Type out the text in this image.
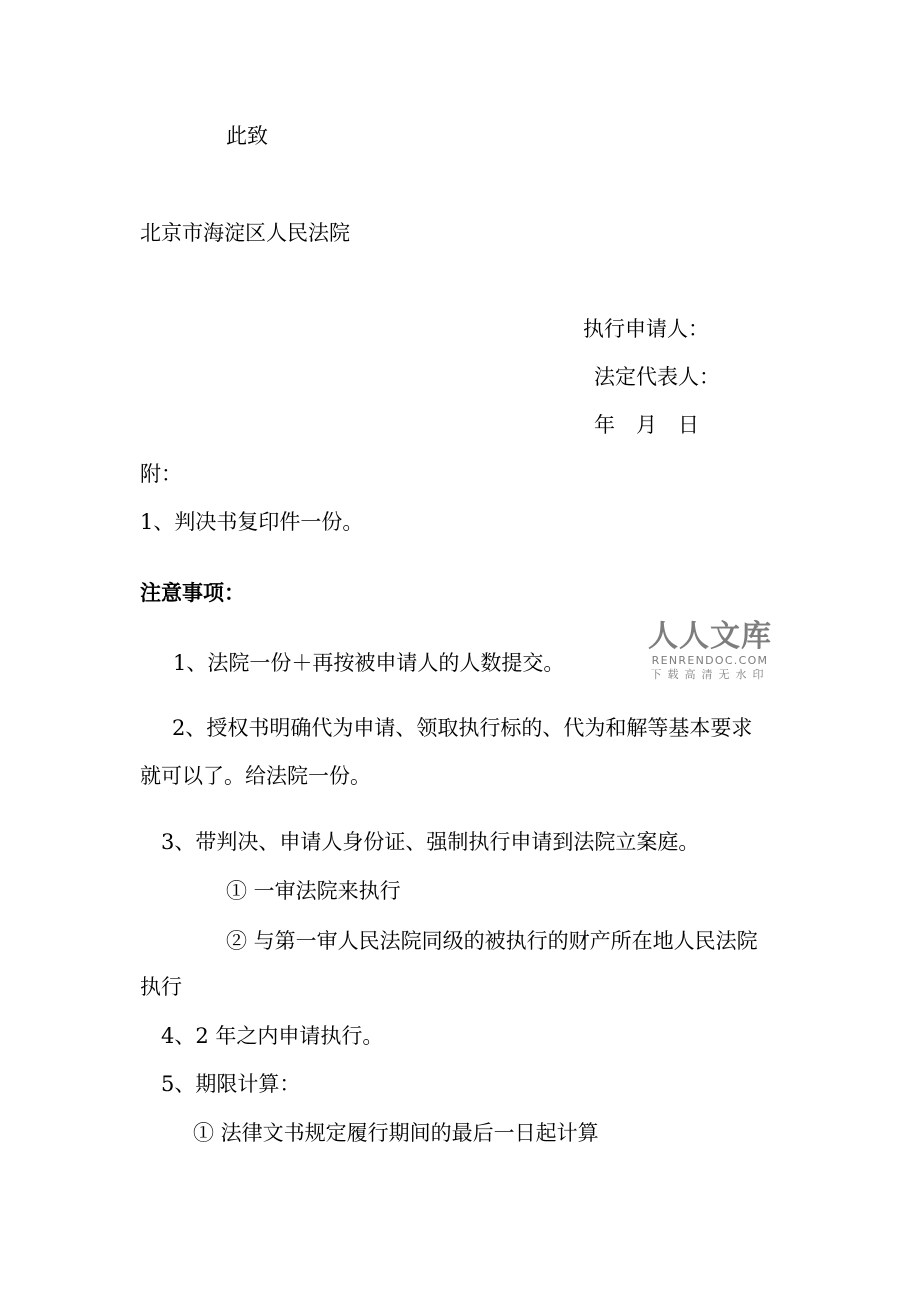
此致
北京市海淀区人民法院
执行申请人：
法定代表人：
年　月　日
附：
1、判决书复印件一份。
注意事项：
1、法院一份＋再按被申请人的人数提交。
2、授权书明确代为申请、领取执行标的、代为和解等基本要求
就可以了。给法院一份。
3、带判决、申请人身份证、强制执行申请到法院立案庭。
① 一审法院来执行
② 与第一审人民法院同级的被执行的财产所在地人民法院
执行
4、2 年之内申请执行。
5、期限计算：
① 法律文书规定履行期间的最后一日起计算
人人文库
RENRENDOC.COM
下载高清无水印
